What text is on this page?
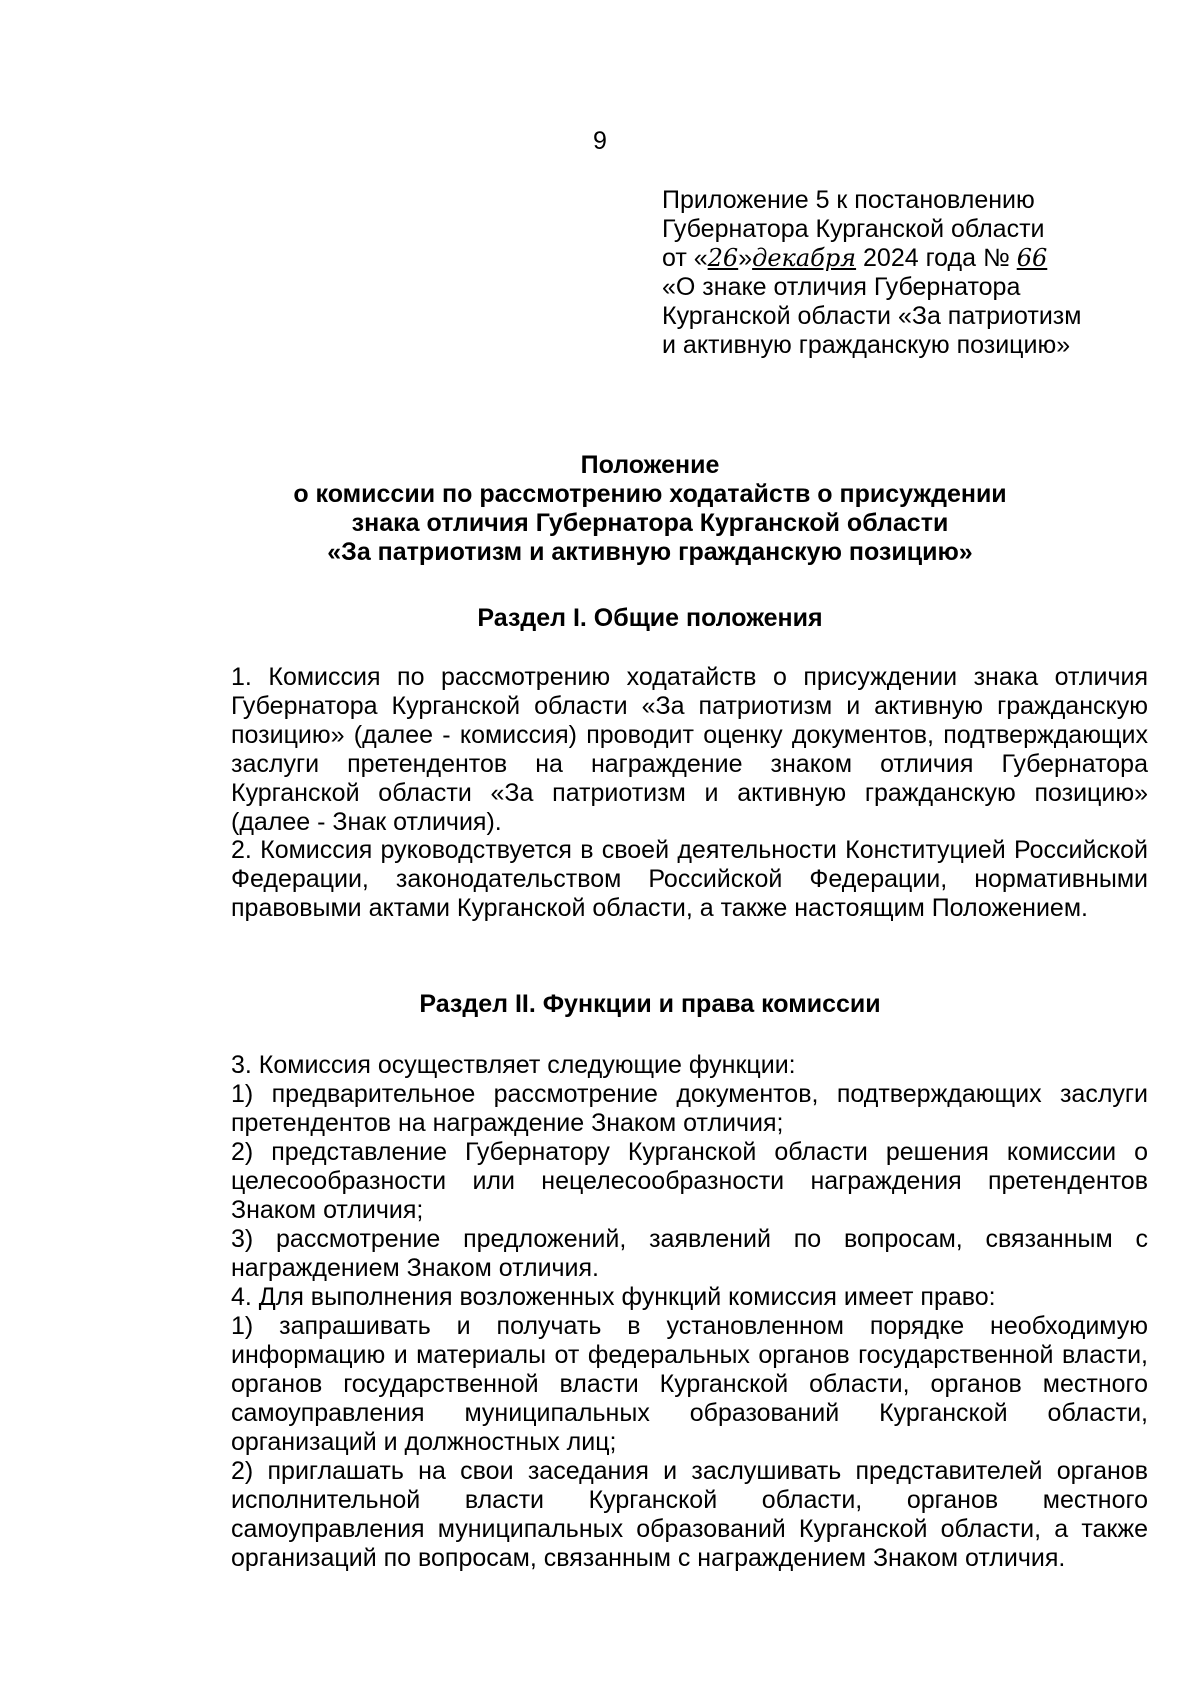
9
Приложение 5 к постановлению
Губернатора Курганской области
от «26»декабря 2024 года № 66
«О знаке отличия Губернатора
Курганской области «За патриотизм
и активную гражданскую позицию»
Положение
о комиссии по рассмотрению ходатайств о присуждении
знака отличия Губернатора Курганской области
«За патриотизм и активную гражданскую позицию»
Раздел I. Общие положения
1. Комиссия по рассмотрению ходатайств о присуждении знака отличия Губернатора Курганской области «За патриотизм и активную гражданскую позицию» (далее - комиссия) проводит оценку документов, подтверждающих заслуги претендентов на награждение знаком отличия Губернатора Курганской области «За патриотизм и активную гражданскую позицию» (далее - Знак отличия).
2. Комиссия руководствуется в своей деятельности Конституцией Российской Федерации, законодательством Российской Федерации, нормативными правовыми актами Курганской области, а также настоящим Положением.
Раздел II. Функции и права комиссии
3. Комиссия осуществляет следующие функции:
1) предварительное рассмотрение документов, подтверждающих заслуги претендентов на награждение Знаком отличия;
2) представление Губернатору Курганской области решения комиссии о целесообразности или нецелесообразности награждения претендентов Знаком отличия;
3) рассмотрение предложений, заявлений по вопросам, связанным с награждением Знаком отличия.
4. Для выполнения возложенных функций комиссия имеет право:
1) запрашивать и получать в установленном порядке необходимую информацию и материалы от федеральных органов государственной власти, органов государственной власти Курганской области, органов местного самоуправления муниципальных образований Курганской области, организаций и должностных лиц;
2) приглашать на свои заседания и заслушивать представителей органов исполнительной власти Курганской области, органов местного самоуправления муниципальных образований Курганской области, а также организаций по вопросам, связанным с награждением Знаком отличия.
